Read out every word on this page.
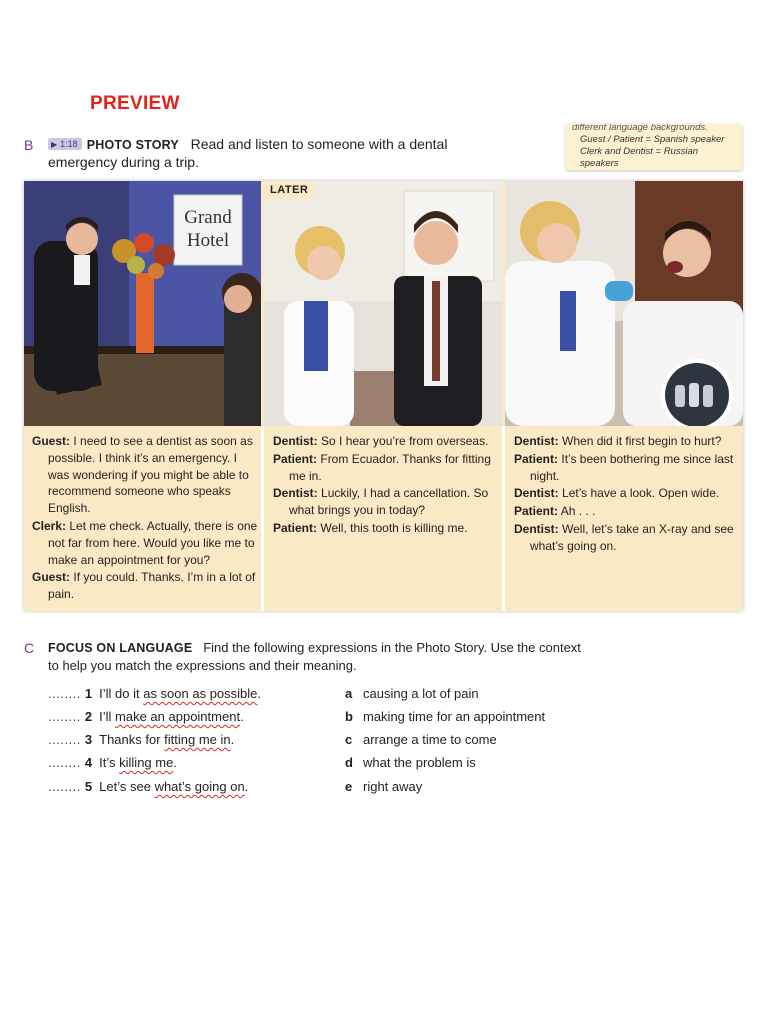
PREVIEW
different language backgrounds.
Guest / Patient = Spanish speaker
Clerk and Dentist = Russian speakers
B	▶ 1:18 PHOTO STORY Read and listen to someone with a dental
emergency during a trip.
Grand
Hotel
LATER
Guest: I need to see a dentist as soon as possible. I think it’s an emergency. I was wondering if you might be able to recommend someone who speaks English.
Clerk: Let me check. Actually, there is one not far from here. Would you like me to make an appointment for you?
Guest: If you could. Thanks. I’m in a lot of pain.
Dentist: So I hear you’re from overseas.
Patient: From Ecuador. Thanks for fitting me in.
Dentist: Luckily, I had a cancellation. So what brings you in today?
Patient: Well, this tooth is killing me.
Dentist: When did it first begin to hurt?
Patient: It’s been bothering me since last night.
Dentist: Let’s have a look. Open wide.
Patient: Ah . . .
Dentist: Well, let’s take an X-ray and see what’s going on.
C FOCUS ON LANGUAGE Find the following expressions in the Photo Story. Use the context
to help you match the expressions and their meaning.
........ 1 I’ll do it as soon as possible.
........ 2 I’ll make an appointment.
........ 3 Thanks for fitting me in.
........ 4 It’s killing me.
........ 5 Let’s see what’s going on.
a causing a lot of pain
b making time for an appointment
c arrange a time to come
d what the problem is
e right away
